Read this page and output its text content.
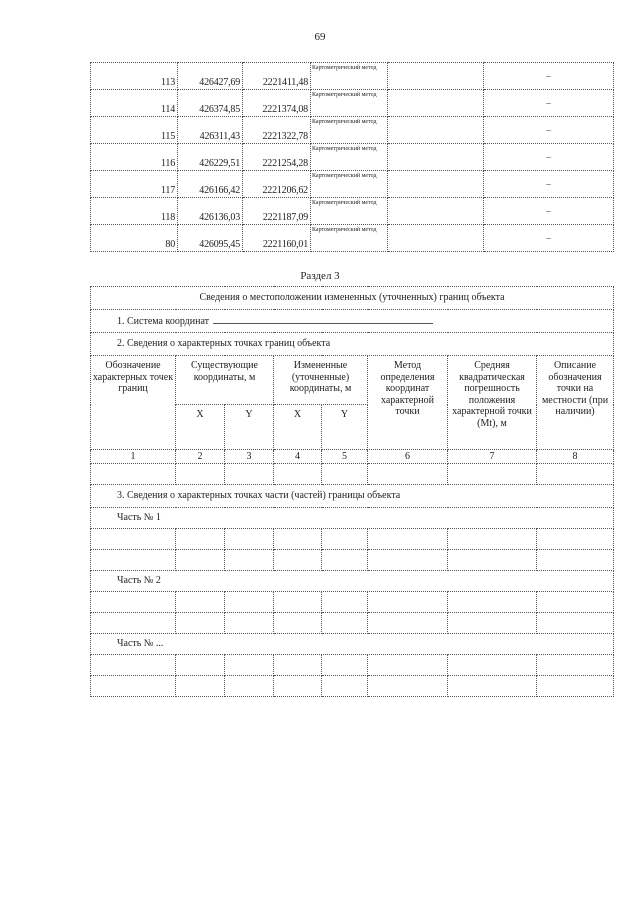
69
113	426427,69	2221411,48	Картометрический метод		–
114	426374,85	2221374,08	Картометрический метод		–
115	426311,43	2221322,78	Картометрический метод		–
116	426229,51	2221254,28	Картометрический метод		–
117	426166,42	2221206,62	Картометрический метод		–
118	426136,03	2221187,09	Картометрический метод		–
80	426095,45	2221160,01	Картометрический метод		–
Раздел 3
Сведения о местоположении измененных (уточненных) границ объекта							
1. Система координат							
2. Сведения о характерных точках границ объекта							
Обозначение характерных точек границ	Существующие координаты, м		Измененные (уточненные) координаты, м		Метод определения координат характерной точки	Средняя квадратическая погрешность положения характерной точки (Mt), м	Описание обозначения точки на местности (при наличии)
	X	Y	X	Y			
1	2	3	4	5	6	7	8

3. Сведения о характерных точках части (частей) границы объекта							
Часть № 1							

Часть № 2							

Часть № ...							
